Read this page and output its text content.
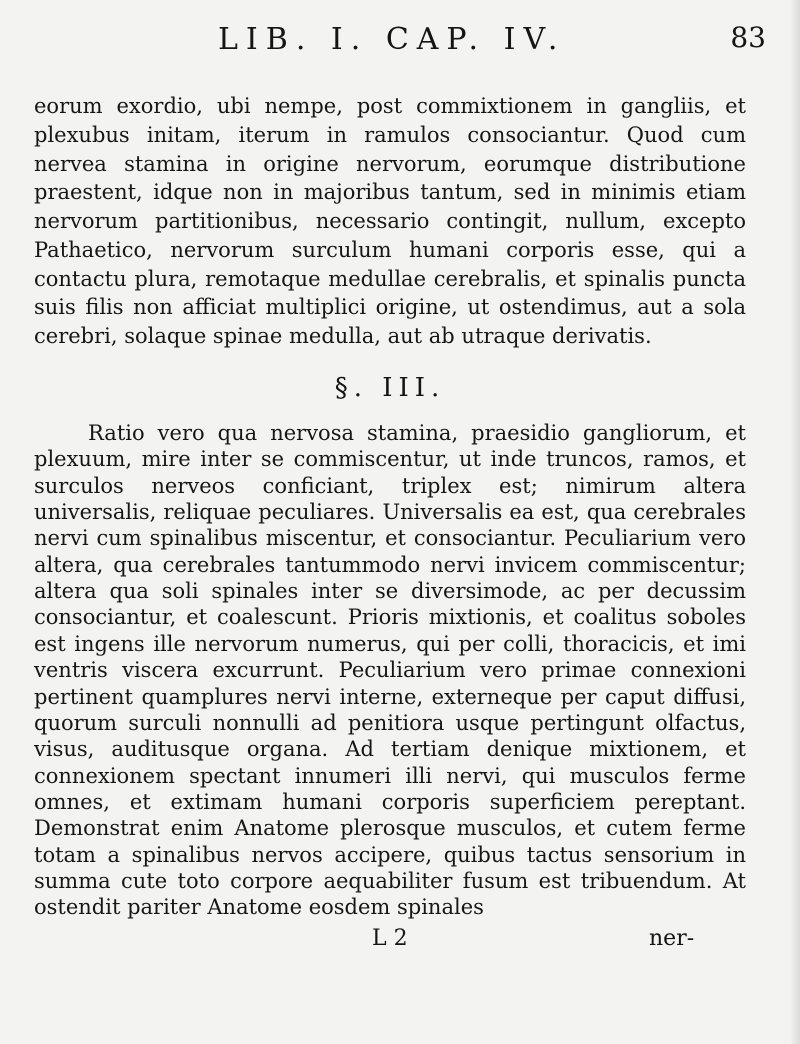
LIB. I. CAP. IV.	83

eorum exordio, ubi nempe, post commixtionem in gangliis, et plexubus initam, iterum in ramulos consociantur. Quod cum nervea stamina in origine nervorum, eorumque distributione praestent, idque non in majoribus tantum, sed in minimis etiam nervorum partitionibus, necessario contingit, nullum, excepto Pathaetico, nervorum surculum humani corporis esse, qui a contactu plura, remotaque medullae cerebralis, et spinalis puncta suis filis non afficiat multiplici origine, ut ostendimus, aut a sola cerebri, solaque spinae medulla, aut ab utraque derivatis.

§. III.

Ratio vero qua nervosa stamina, praesidio gangliorum, et plexuum, mire inter se commiscentur, ut inde truncos, ramos, et surculos nerveos conficiant, triplex est; nimirum altera universalis, reliquae peculiares. Universalis ea est, qua cerebrales nervi cum spinalibus miscentur, et consociantur. Peculiarium vero altera, qua cerebrales tantummodo nervi invicem commiscentur; altera qua soli spinales inter se diversimode, ac per decussim consociantur, et coalescunt. Prioris mixtionis, et coalitus soboles est ingens ille nervorum numerus, qui per colli, thoracicis, et imi ventris viscera excurrunt. Peculiarium vero primae connexioni pertinent quamplures nervi interne, externeque per caput diffusi, quorum surculi nonnulli ad penitiora usque pertingunt olfactus, visus, auditusque organa. Ad tertiam denique mixtionem, et connexionem spectant innumeri illi nervi, qui musculos ferme omnes, et extimam humani corporis superficiem pereptant. Demonstrat enim Anatome plerosque musculos, et cutem ferme totam a spinalibus nervos accipere, quibus tactus sensorium in summa cute toto corpore aequabiliter fusum est tribuendum. At ostendit pariter Anatome eosdem spinales

L 2	ner-
